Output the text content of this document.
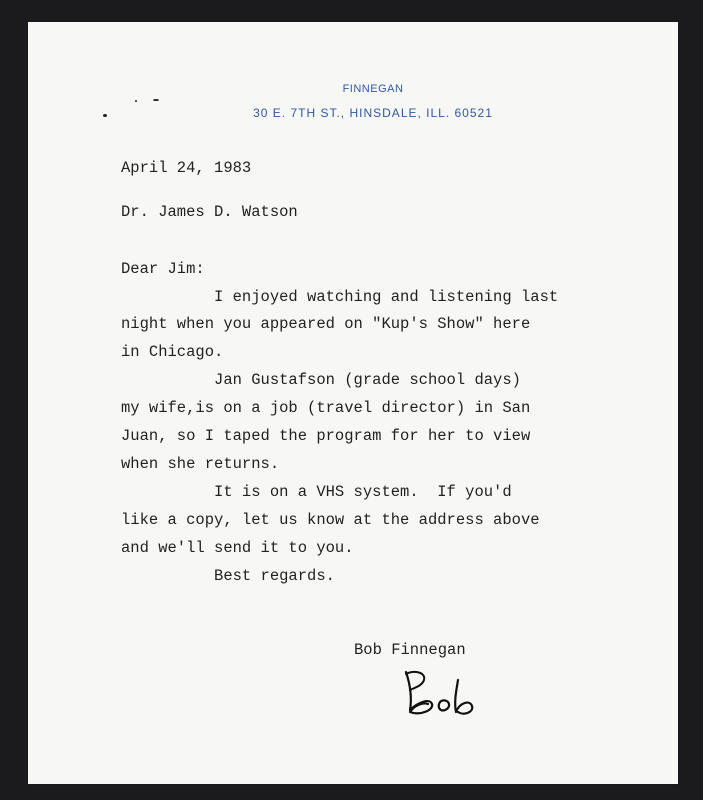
FINNEGAN
30 E. 7TH ST., HINSDALE, ILL. 60521
April 24, 1983
Dr. James D. Watson
Dear Jim:
I enjoyed watching and listening last
night when you appeared on "Kup's Show" here
in Chicago.
Jan Gustafson (grade school days)
my wife,is on a job (travel director) in San
Juan, so I taped the program for her to view
when she returns.
It is on a VHS system.  If you'd
like a copy, let us know at the address above
and we'll send it to you.
Best regards.
Bob Finnegan
